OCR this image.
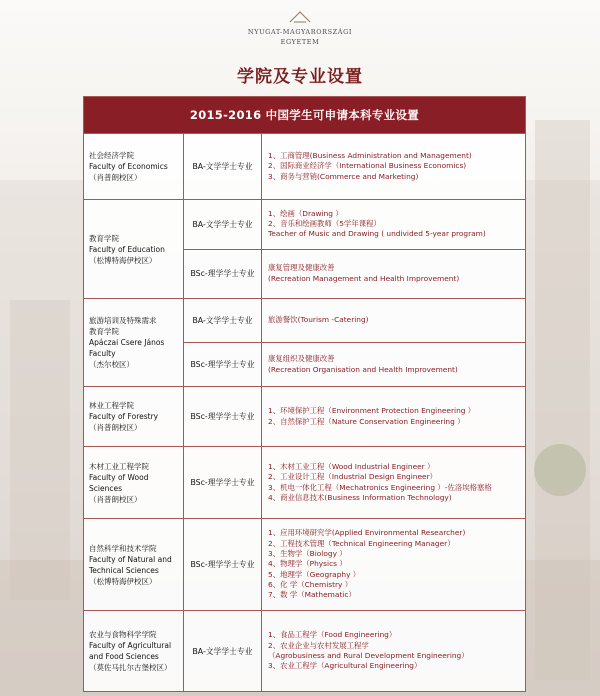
NYUGAT-MAGYARORSZÁGI
EGYETEM
学院及专业设置
2015-2016 中国学生可申请本科专业设置
社会经济学院
Faculty of Economics
（肖普朗校区）
BA-文学学士专业
1、工商管理(Business Administration and Management)
2、国际商业经济学（International Business Economics)
3、商务与营销(Commerce and Marketing)
教育学院
Faculty of Education
（松博特海伊校区）
BA-文学学士专业
1、绘画（Drawing ）
2、音乐和绘画教师（5学年课程）
Teacher of Music and Drawing ( undivided 5-year program)
BSc-理学学士专业
康复管理及健康改善
(Recreation Management and Health Improvement)
旅游培训及特殊需求
教育学院
Apáczai Csere János
Faculty
（杰尔校区）
BA-文学学士专业	旅游餐饮(Tourism -Catering)
BSc-理学学士专业
康复组织及健康改善
(Recreation Organisation and Health Improvement)
林业工程学院
Faculty of Forestry
（肖普朗校区）
BSc-理学学士专业
1、环境保护工程（Environment Protection Engineering ）
2、自然保护工程（Nature Conservation Engineering ）
木材工业工程学院
Faculty of Wood
Sciences
（肖普朗校区）
BSc-理学学士专业
1、木材工业工程（Wood Industrial Engineer ）
2、工业设计工程（Industrial Design Engineer）
3、机电一体化工程（Mechatronics Engineering ）-佐洛埃格塞格
4、商业信息技术(Business Information Technology)
自然科学和技术学院
Faculty of Natural and
Technical Sciences
（松博特海伊校区）
BSc-理学学士专业
1、应用环境研究学(Applied Environmental Researcher)
2、工程技术管理（Technical Engineering Manager）
3、生物学（Biology ）
4、物理学（Physics ）
5、地理学（Geography ）
6、化 学（Chemistry ）
7、数 学（Mathematic）
农业与食物科学学院
Faculty of Agricultural
and Food Sciences
（莫佐马扎尔古堡校区）
BA-文学学士专业
1、食品工程学（Food Engineering）
2、农业企业与农村发展工程学
（Agrobusiness and Rural Development Engineering）
3、农业工程学（Agricultural Engineering）
